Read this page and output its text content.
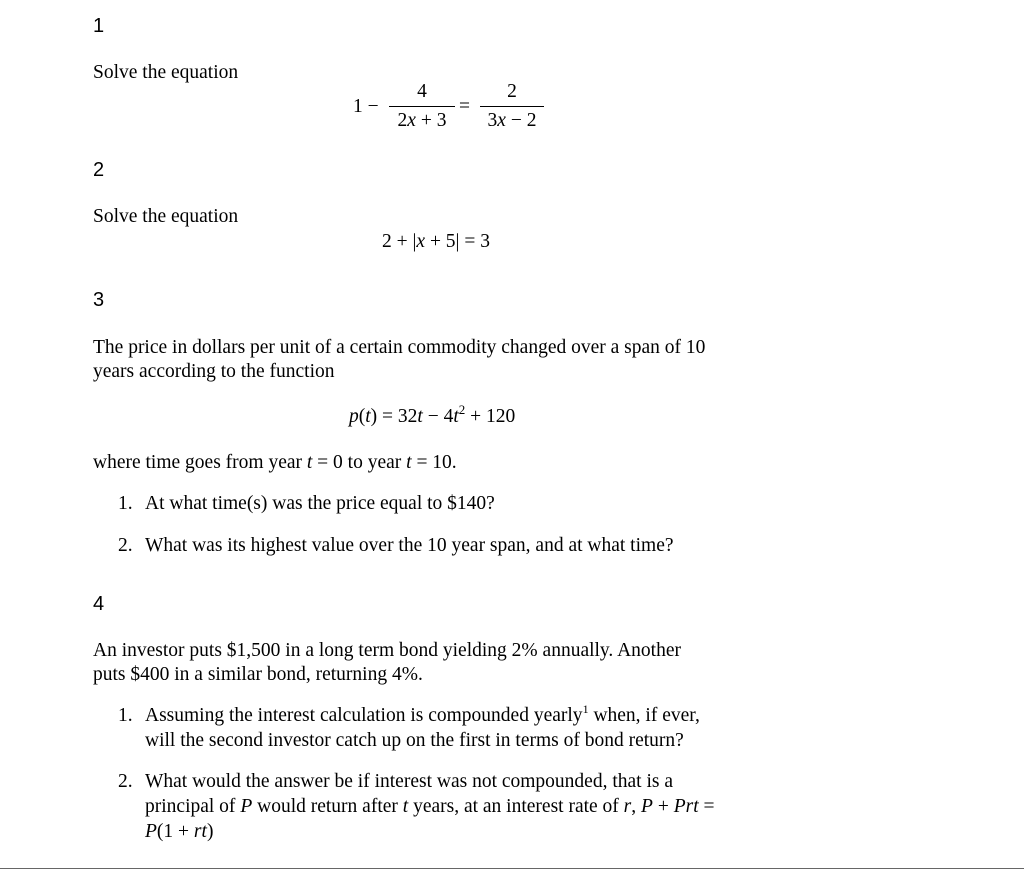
1
Solve the equation
1 −
4
2x + 3
=
2
3x − 2
2
Solve the equation
2 + |x + 5| = 3
3
The price in dollars per unit of a certain commodity changed over a span of 10
years according to the function
$p(t) = 32t - 4t^2 + 120$
where time goes from year t = 0 to year t = 10.
1. At what time(s) was the price equal to $140?
2. What was its highest value over the 10 year span, and at what time?
4
An investor puts $1,500 in a long term bond yielding 2% annually. Another
puts $400 in a similar bond, returning 4%.
1. Assuming the interest calculation is compounded yearly$^1$ when, if ever,
will the second investor catch up on the first in terms of bond return?
2. What would the answer be if interest was not compounded, that is a
principal of P would return after t years, at an interest rate of r, P + Prt =
P(1 + rt)
